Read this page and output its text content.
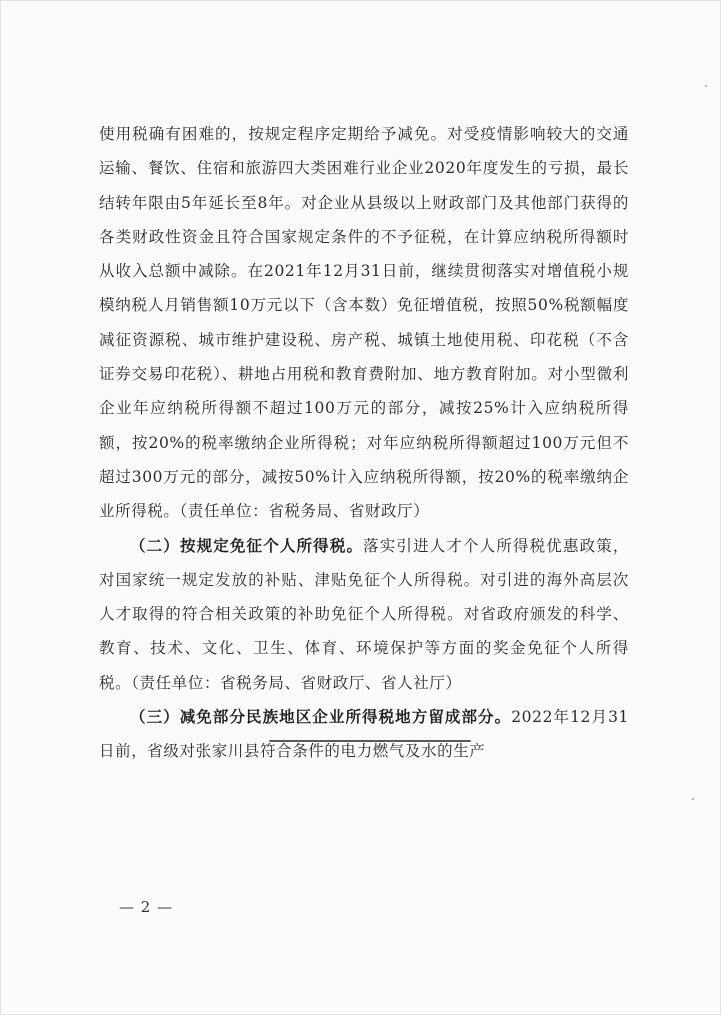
使用税确有困难的，按规定程序定期给予减免。对受疫情影响较大的交通运输、餐饮、住宿和旅游四大类困难行业企业2020年度发生的亏损，最长结转年限由5年延长至8年。对企业从县级以上财政部门及其他部门获得的各类财政性资金且符合国家规定条件的不予征税，在计算应纳税所得额时从收入总额中减除。在2021年12月31日前，继续贯彻落实对增值税小规模纳税人月销售额10万元以下（含本数）免征增值税，按照50%税额幅度减征资源税、城市维护建设税、房产税、城镇土地使用税、印花税（不含证券交易印花税）、耕地占用税和教育费附加、地方教育附加。对小型微利企业年应纳税所得额不超过100万元的部分，减按25%计入应纳税所得额，按20%的税率缴纳企业所得税；对年应纳税所得额超过100万元但不超过300万元的部分，减按50%计入应纳税所得额，按20%的税率缴纳企业所得税。（责任单位：省税务局、省财政厅）

（二）按规定免征个人所得税。落实引进人才个人所得税优惠政策，对国家统一规定发放的补贴、津贴免征个人所得税。对引进的海外高层次人才取得的符合相关政策的补助免征个人所得税。对省政府颁发的科学、教育、技术、文化、卫生、体育、环境保护等方面的奖金免征个人所得税。（责任单位：省税务局、省财政厅、省人社厅）

（三）减免部分民族地区企业所得税地方留成部分。2022年12月31日前，省级对张家川县符合条件的电力燃气及水的生产

— 2 —
